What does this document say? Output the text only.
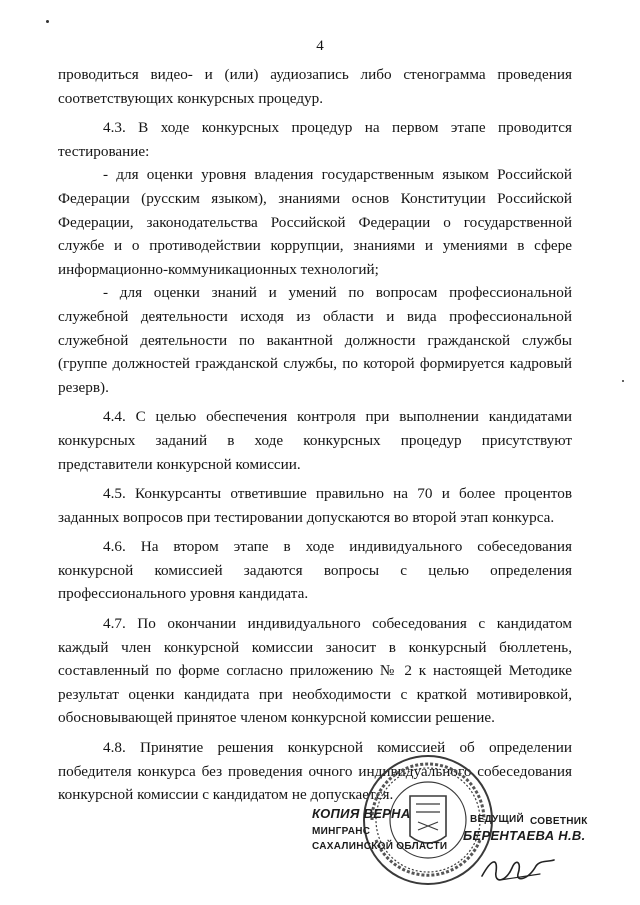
4

проводиться видео- и (или) аудиозапись либо стенограмма проведения соответствующих конкурсных процедур.

4.3. В ходе конкурсных процедур на первом этапе проводится тестирование:

- для оценки уровня владения государственным языком Российской Федерации (русским языком), знаниями основ Конституции Российской Федерации, законодательства Российской Федерации о государственной службе и о противодействии коррупции, знаниями и умениями в сфере информационно-коммуникационных технологий;

- для оценки знаний и умений по вопросам профессиональной служебной деятельности исходя из области и вида профессиональной служебной деятельности по вакантной должности гражданской службы (группе должностей гражданской службы, по которой формируется кадровый резерв).

4.4. С целью обеспечения контроля при выполнении кандидатами конкурсных заданий в ходе конкурсных процедур присутствуют представители конкурсной комиссии.

4.5. Конкурсанты ответившие правильно на 70 и более процентов заданных вопросов при тестировании допускаются во второй этап конкурса.

4.6. На втором этапе в ходе индивидуального собеседования конкурсной комиссией задаются вопросы с целью определения профессионального уровня кандидата.

4.7. По окончании индивидуального собеседования с кандидатом каждый член конкурсной комиссии заносит в конкурсный бюллетень, составленный по форме согласно приложению № 2 к настоящей Методике результат оценки кандидата при необходимости с краткой мотивировкой, обосновывающей принятое членом конкурсной комиссии решение.

4.8. Принятие решения конкурсной комиссией об определении победителя конкурса без проведения очного индивидуального собеседования конкурсной комиссии с кандидатом не допускается.

КОПИЯ ВЕРНА
МИНГРАНС
САХАЛИНСКОЙ ОБЛАСТИ
ВЕДУЩИЙ СОВЕТНИК
БЕРЕНТАЕВА Н.В.
